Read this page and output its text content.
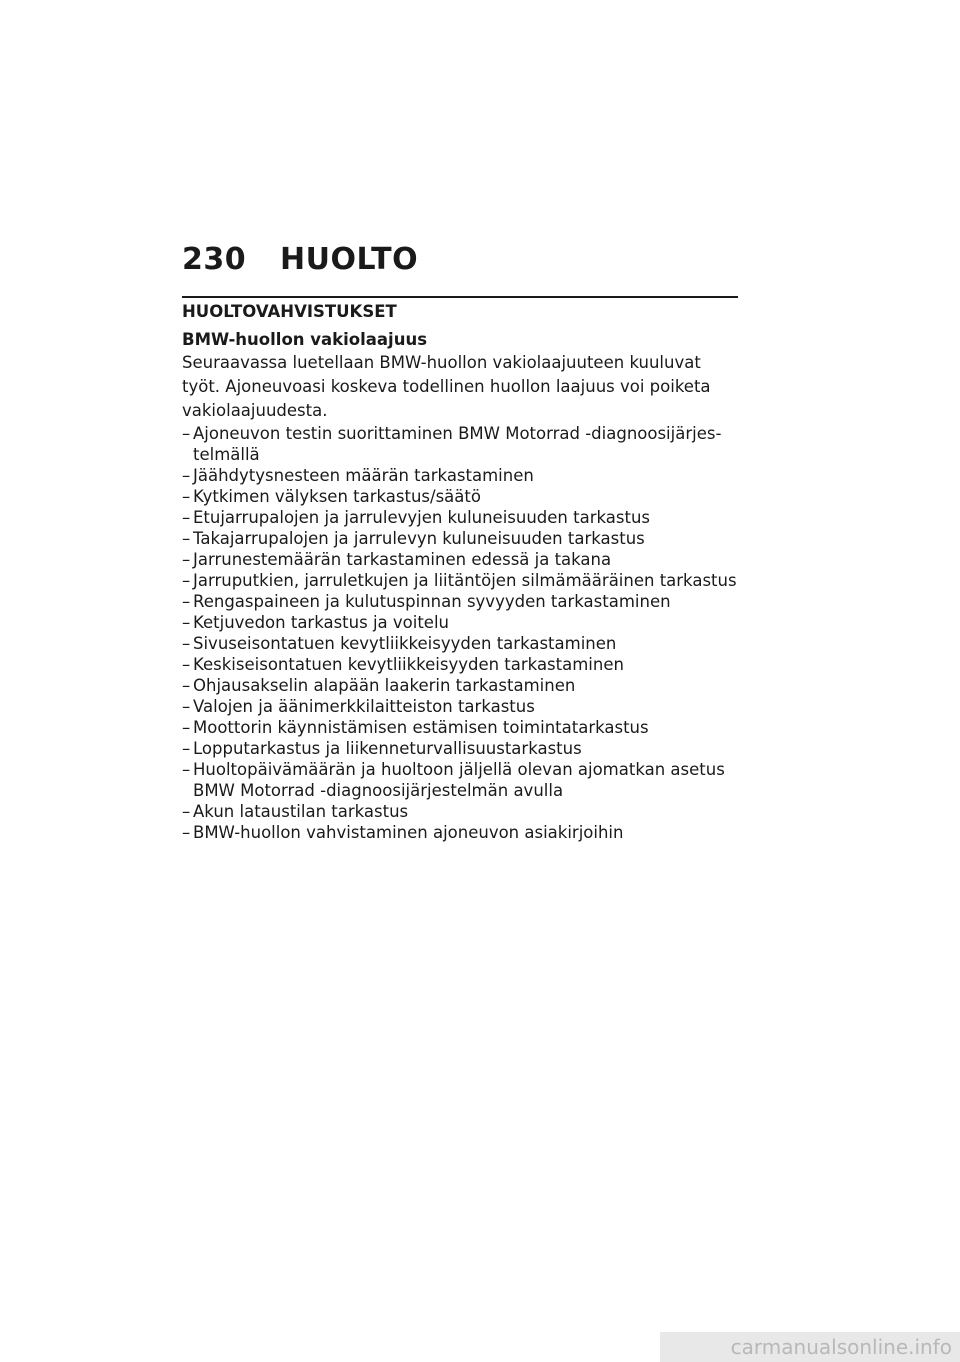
230	HUOLTO
HUOLTOVAHVISTUKSET
BMW-huollon vakiolaajuus

Seuraavassa luetellaan BMW-huollon vakiolaajuuteen kuuluvat
työt. Ajoneuvoasi koskeva todellinen huollon laajuus voi poiketa
vakiolaajuudesta.

– Ajoneuvon testin suorittaminen BMW Motorrad -diagnoosijärjes-
telmällä
– Jäähdytysnesteen määrän tarkastaminen
– Kytkimen välyksen tarkastus/säätö
– Etujarrupalojen ja jarrulevyjen kuluneisuuden tarkastus
– Takajarrupalojen ja jarrulevyn kuluneisuuden tarkastus
– Jarrunestemäärän tarkastaminen edessä ja takana
– Jarruputkien, jarruletkujen ja liitäntöjen silmämääräinen tarkastus
– Rengaspaineen ja kulutuspinnan syvyyden tarkastaminen
– Ketjuvedon tarkastus ja voitelu
– Sivuseisontatuen kevytliikkeisyyden tarkastaminen
– Keskiseisontatuen kevytliikkeisyyden tarkastaminen
– Ohjausakselin alapään laakerin tarkastaminen
– Valojen ja äänimerkkilaitteiston tarkastus
– Moottorin käynnistämisen estämisen toimintatarkastus
– Lopputarkastus ja liikenneturvallisuustarkastus
– Huoltopäivämäärän ja huoltoon jäljellä olevan ajomatkan asetus
BMW Motorrad -diagnoosijärjestelmän avulla
– Akun lataustilan tarkastus
– BMW-huollon vahvistaminen ajoneuvon asiakirjoihin
carmanualsonline.info
